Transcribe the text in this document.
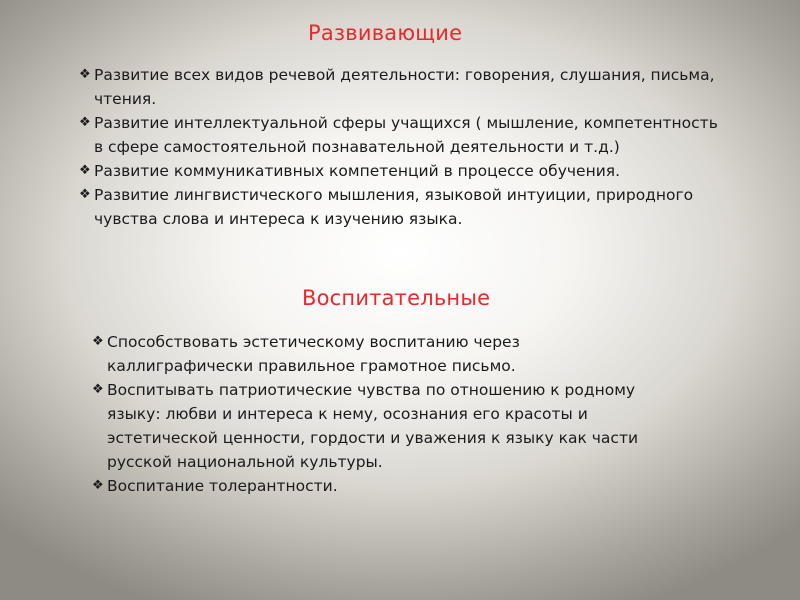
Развивающие
❖ Развитие всех видов речевой деятельности: говорения, слушания, письма, чтения.
❖ Развитие интеллектуальной сферы учащихся ( мышление, компетентность в сфере самостоятельной познавательной деятельности и т.д.)
❖ Развитие коммуникативных компетенций в процессе обучения.
❖ Развитие лингвистического мышления, языковой интуиции, природного чувства слова и интереса к изучению языка.
Воспитательные
❖ Способствовать эстетическому воспитанию через каллиграфически правильное грамотное письмо.
❖ Воспитывать патриотические чувства по отношению к родному языку: любви и интереса к нему, осознания его красоты и эстетической ценности, гордости и уважения к языку как части русской национальной культуры.
❖ Воспитание толерантности.
